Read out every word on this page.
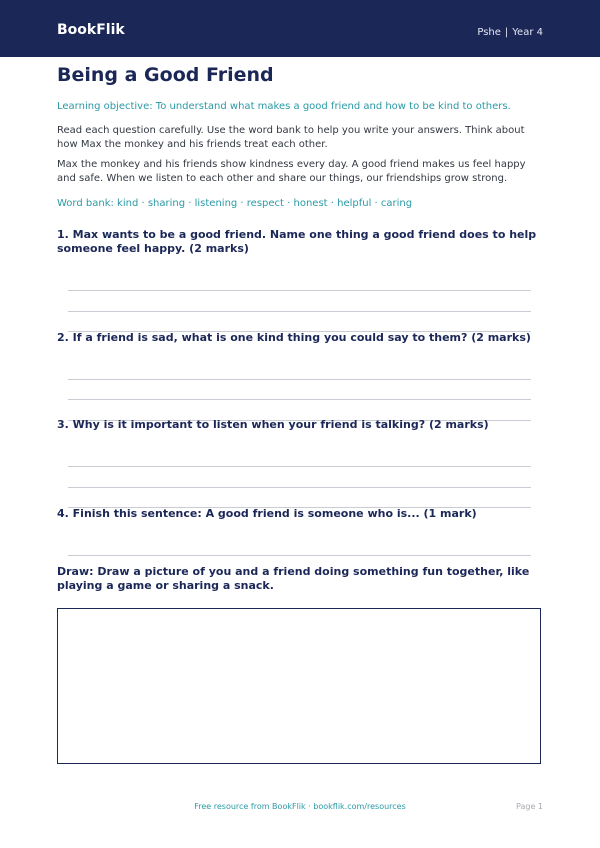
BookFlik	Pshe | Year 4
Being a Good Friend
Learning objective: To understand what makes a good friend and how to be kind to others.
Read each question carefully. Use the word bank to help you write your answers. Think about how Max the monkey and his friends treat each other.
Max the monkey and his friends show kindness every day. A good friend makes us feel happy and safe. When we listen to each other and share our things, our friendships grow strong.
Word bank: kind · sharing · listening · respect · honest · helpful · caring
1. Max wants to be a good friend. Name one thing a good friend does to help someone feel happy. (2 marks)
2. If a friend is sad, what is one kind thing you could say to them? (2 marks)
3. Why is it important to listen when your friend is talking? (2 marks)
4. Finish this sentence: A good friend is someone who is... (1 mark)
Draw: Draw a picture of you and a friend doing something fun together, like playing a game or sharing a snack.
Free resource from BookFlik · bookflik.com/resources	Page 1
